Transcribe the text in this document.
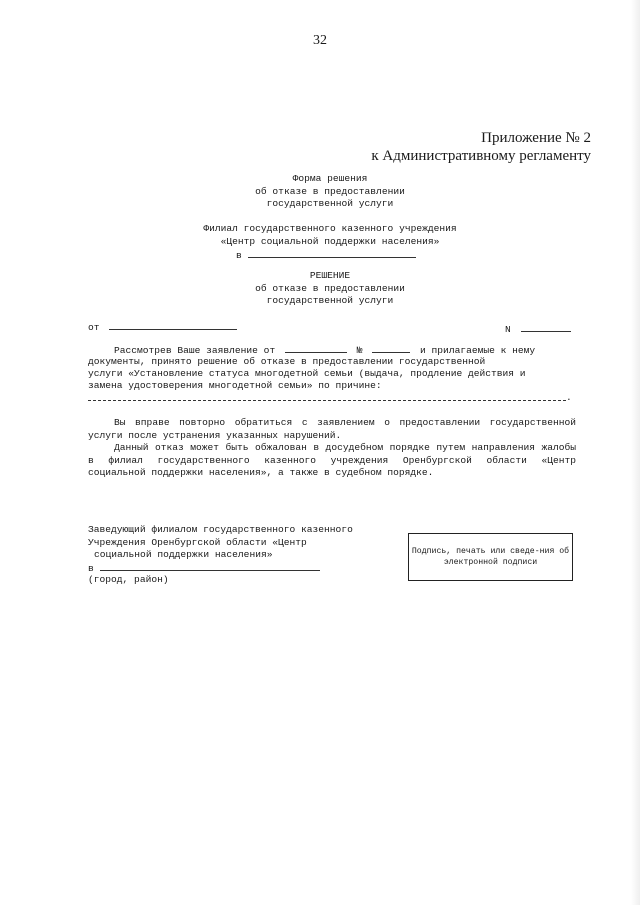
32
Приложение № 2
к Административному регламенту
Форма решения
об отказе в предоставлении
государственной услуги
Филиал государственного казенного учреждения
«Центр социальной поддержки населения»
в
РЕШЕНИЕ
об отказе в предоставлении
государственной услуги
от	N
Рассмотрев Ваше заявление от	№	и прилагаемые к нему
документы, принято решение об отказе в предоставлении государственной
услуги «Установление статуса многодетной семьи (выдача, продление действия и
замена удостоверения многодетной семьи» по причине:
.

Вы вправе повторно обратиться с заявлением о предоставлении государственной услуги после устранения указанных нарушений.

Данный отказ может быть обжалован в досудебном порядке путем направления жалобы в филиал государственного казенного учреждения Оренбургской области «Центр социальной поддержки населения», а также в судебном порядке.

Заведующий филиалом государственного казенного
Учреждения Оренбургской области «Центр
социальной поддержки населения»
в
(город, район)
Подпись, печать или сведе-ния об электронной подписи
